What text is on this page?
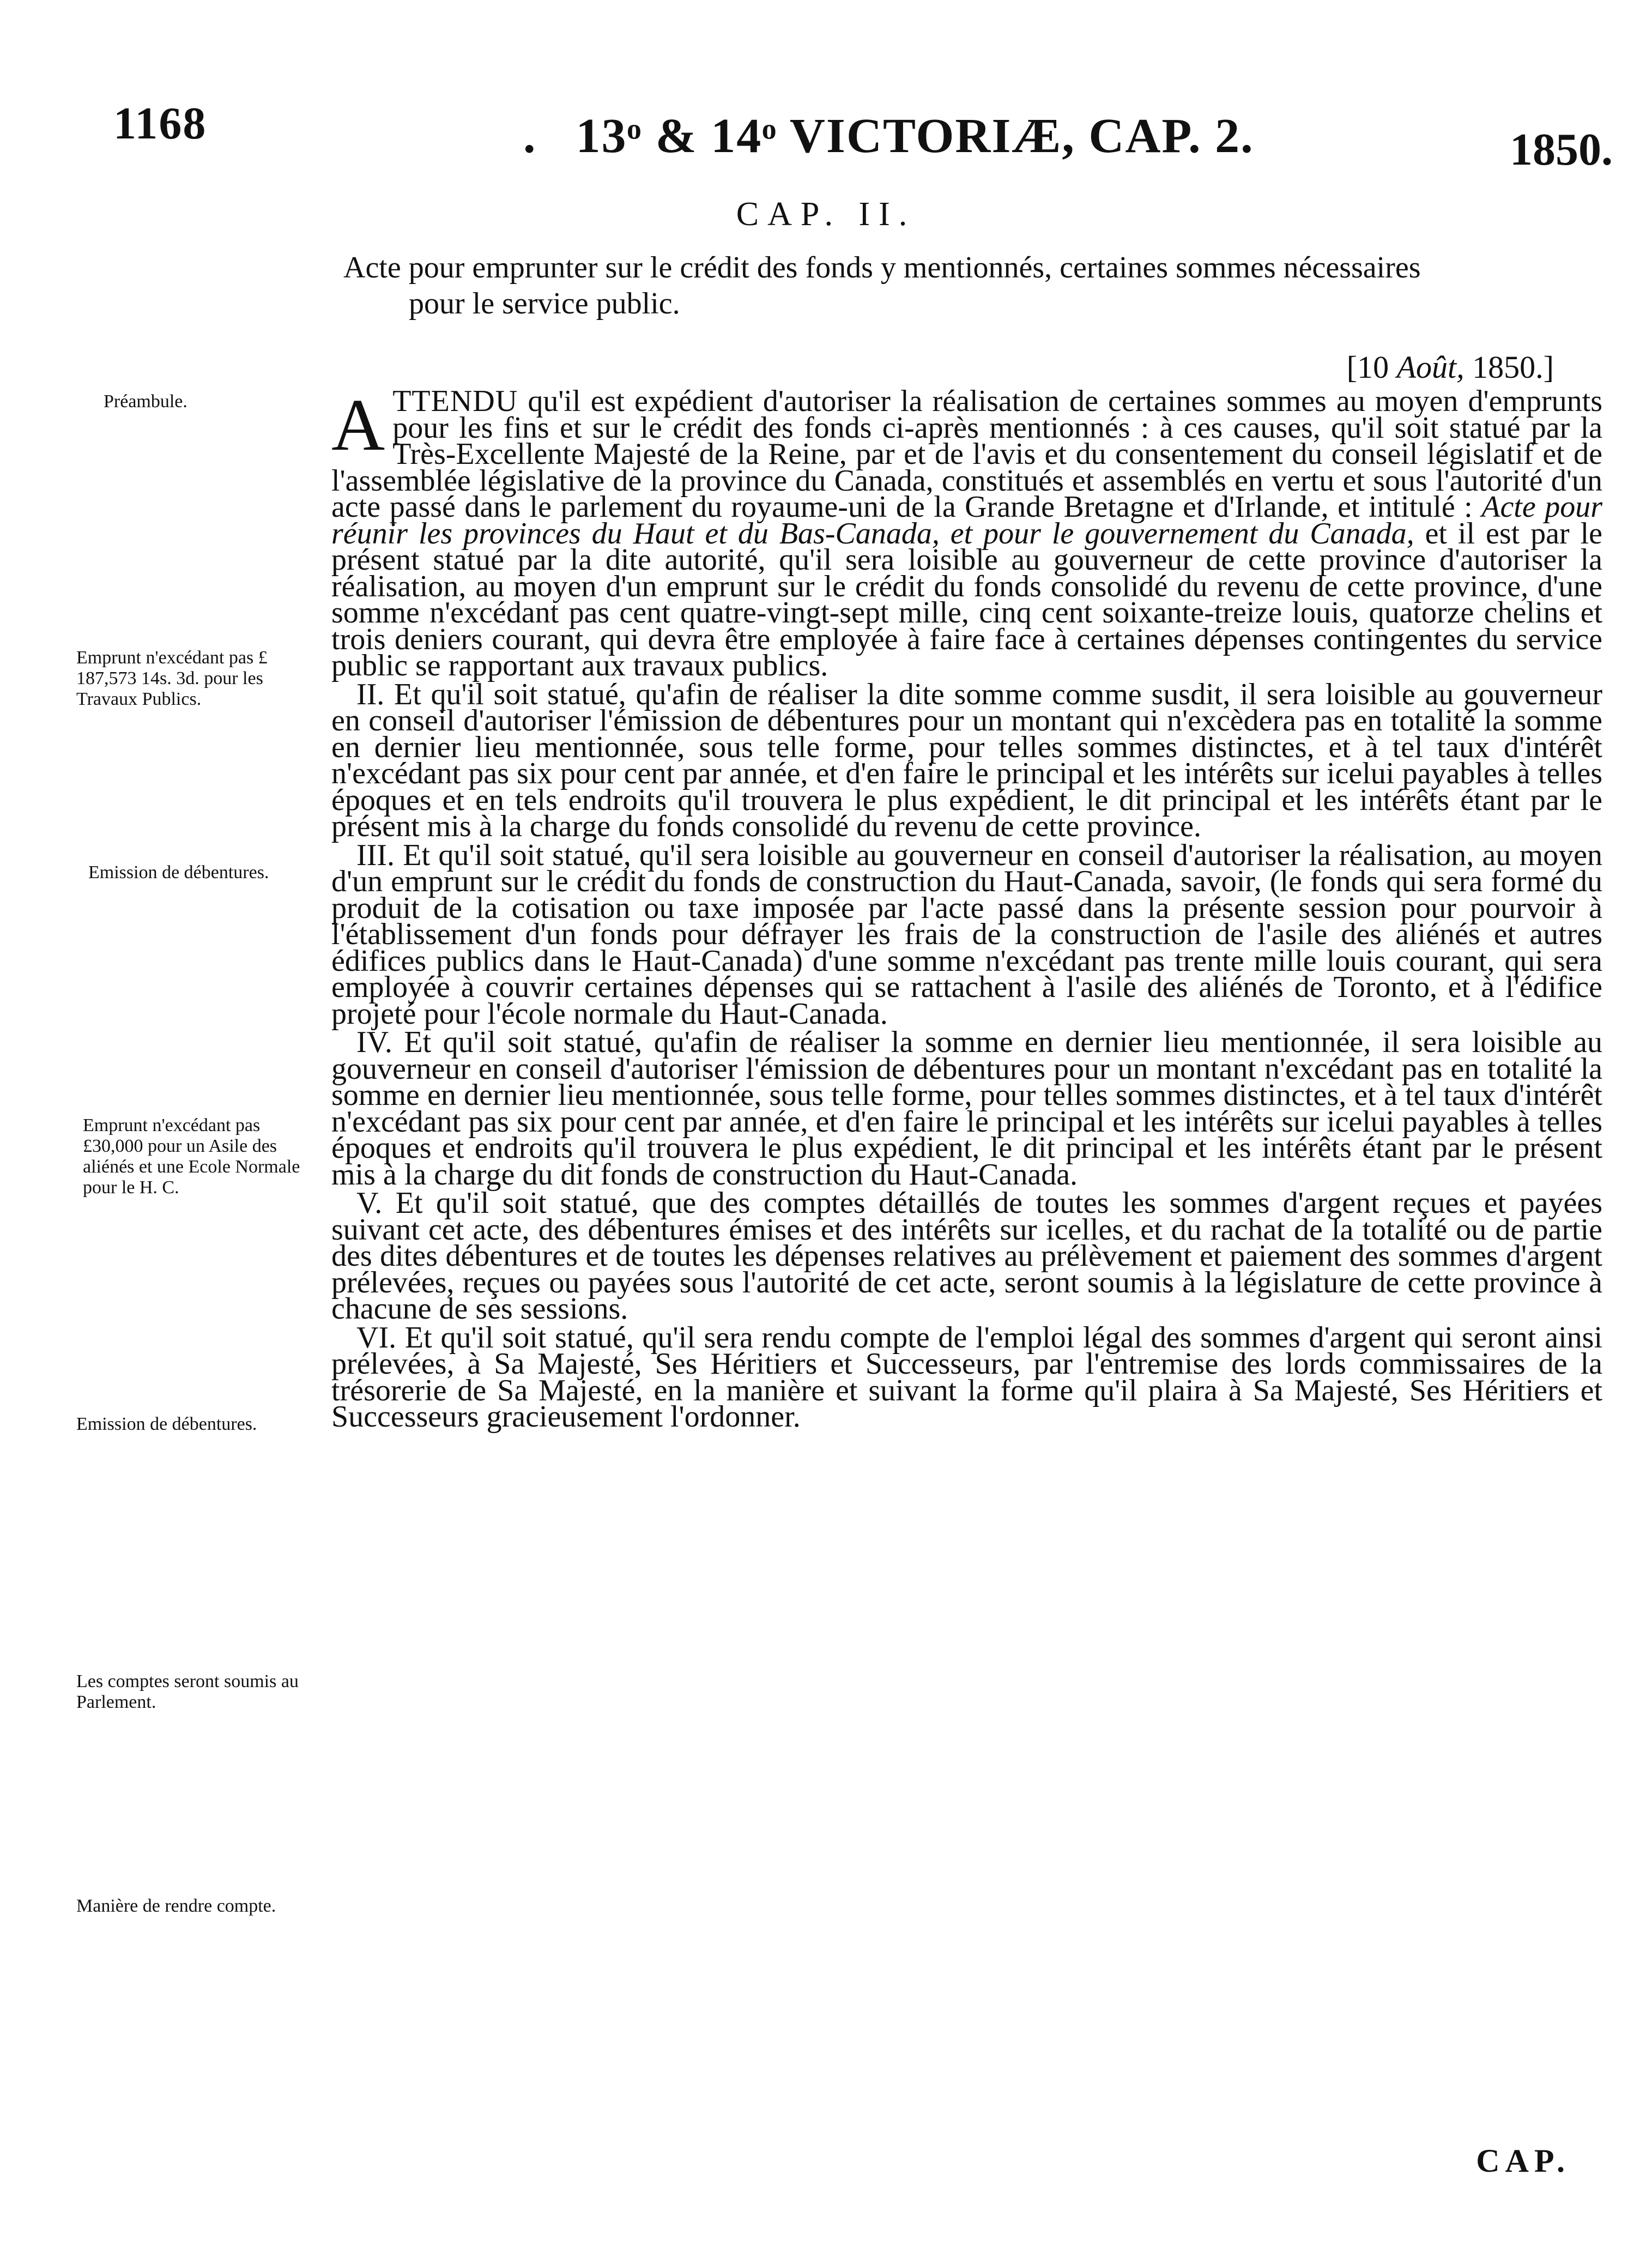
1168	. 13ᵒ & 14ᵒ VICTORIÆ, CAP. 2.	1850.
CAP. II.
Acte pour emprunter sur le crédit des fonds y mentionnés, certaines sommes nécessaires
pour le service public.
[10 Août, 1850.]
Préambule.
Emprunt n'excédant pas £ 187,573 14s. 3d. pour les Travaux Publics.
Emission de débentures.
Emprunt n'excédant pas £30,000 pour un Asile des aliénés et une Ecole Normale pour le H. C.
Emission de débentures.
Les comptes seront soumis au Parlement.
Manière de rendre compte.

ATTENDU qu'il est expédient d'autoriser la réalisation de certaines sommes au moyen d'emprunts pour les fins et sur le crédit des fonds ci-après mentionnés : à ces causes, qu'il soit statué par la Très-Excellente Majesté de la Reine, par et de l'avis et du consentement du conseil législatif et de l'assemblée législative de la province du Canada, constitués et assemblés en vertu et sous l'autorité d'un acte passé dans le parlement du royaume-uni de la Grande Bretagne et d'Irlande, et intitulé : Acte pour réunir les provinces du Haut et du Bas-Canada, et pour le gouvernement du Canada, et il est par le présent statué par la dite autorité, qu'il sera loisible au gouverneur de cette province d'autoriser la réalisation, au moyen d'un emprunt sur le crédit du fonds consolidé du revenu de cette province, d'une somme n'excédant pas cent quatre-vingt-sept mille, cinq cent soixante-treize louis, quatorze chelins et trois deniers courant, qui devra être employée à faire face à certaines dépenses contingentes du service public se rapportant aux travaux publics.

II. Et qu'il soit statué, qu'afin de réaliser la dite somme comme susdit, il sera loisible au gouverneur en conseil d'autoriser l'émission de débentures pour un montant qui n'excèdera pas en totalité la somme en dernier lieu mentionnée, sous telle forme, pour telles sommes distinctes, et à tel taux d'intérêt n'excédant pas six pour cent par année, et d'en faire le principal et les intérêts sur icelui payables à telles époques et en tels endroits qu'il trouvera le plus expédient, le dit principal et les intérêts étant par le présent mis à la charge du fonds consolidé du revenu de cette province.

III. Et qu'il soit statué, qu'il sera loisible au gouverneur en conseil d'autoriser la réalisation, au moyen d'un emprunt sur le crédit du fonds de construction du Haut-Canada, savoir, (le fonds qui sera formé du produit de la cotisation ou taxe imposée par l'acte passé dans la présente session pour pourvoir à l'établissement d'un fonds pour défrayer les frais de la construction de l'asile des aliénés et autres édifices publics dans le Haut-Canada) d'une somme n'excédant pas trente mille louis courant, qui sera employée à couvrir certaines dépenses qui se rattachent à l'asile des aliénés de Toronto, et à l'édifice projeté pour l'école normale du Haut-Canada.

IV. Et qu'il soit statué, qu'afin de réaliser la somme en dernier lieu mentionnée, il sera loisible au gouverneur en conseil d'autoriser l'émission de débentures pour un montant n'excédant pas en totalité la somme en dernier lieu mentionnée, sous telle forme, pour telles sommes distinctes, et à tel taux d'intérêt n'excédant pas six pour cent par année, et d'en faire le principal et les intérêts sur icelui payables à telles époques et endroits qu'il trouvera le plus expédient, le dit principal et les intérêts étant par le présent mis à la charge du dit fonds de construction du Haut-Canada.

V. Et qu'il soit statué, que des comptes détaillés de toutes les sommes d'argent reçues et payées suivant cet acte, des débentures émises et des intérêts sur icelles, et du rachat de la totalité ou de partie des dites débentures et de toutes les dépenses relatives au prélèvement et paiement des sommes d'argent prélevées, reçues ou payées sous l'autorité de cet acte, seront soumis à la législature de cette province à chacune de ses sessions.

VI. Et qu'il soit statué, qu'il sera rendu compte de l'emploi légal des sommes d'argent qui seront ainsi prélevées, à Sa Majesté, Ses Héritiers et Successeurs, par l'entremise des lords commissaires de la trésorerie de Sa Majesté, en la manière et suivant la forme qu'il plaira à Sa Majesté, Ses Héritiers et Successeurs gracieusement l'ordonner.

CAP.
